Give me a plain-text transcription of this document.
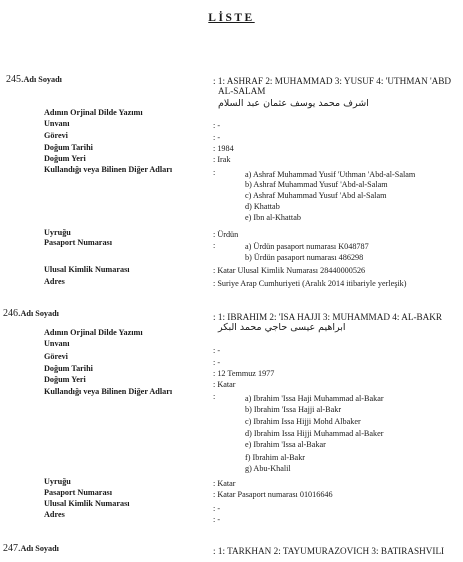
LİSTE
245.Adı Soyadı	: 1: ASHRAF 2: MUHAMMAD 3: YUSUF 4: 'UTHMAN 'ABD
AL-SALAM
Adının Orjinal Dilde Yazımı
اشرف محمد يوسف عثمان عبد السلام
Unvanı	: -
Görevi	: -
Doğum Tarihi	: 1984
Doğum Yeri	: Irak
Kullandığı veya Bilinen Diğer Adları	:	a) Ashraf Muhammad Yusif 'Uthman 'Abd-al-Salam
b) Ashraf Muhammad Yusuf 'Abd-al-Salam
c) Ashraf Muhammad Yusuf 'Abd al-Salam
d) Khattab
e) Ibn al-Khattab
Uyruğu	: Ürdün
Pasaport Numarası	:	a) Ürdün pasaport numarası K048787
b) Ürdün pasaport numarası 486298
Ulusal Kimlik Numarası	: Katar Ulusal Kimlik Numarası 28440000526
Adres	: Suriye Arap Cumhuriyeti (Aralık 2014 itibariyle yerleşik)
246.Adı Soyadı	: 1: IBRAHIM 2: 'ISA HAJJI 3: MUHAMMAD 4: AL-BAKR
Adının Orjinal Dilde Yazımı	ابراهيم عيسى حاجي محمد البكر
Unvanı
: -
Görevi
: -
Doğum Tarihi
: 12 Temmuz 1977
Doğum Yeri
: Katar
Kullandığı veya Bilinen Diğer Adları
:	a) Ibrahim 'Issa Haji Muhammad al-Bakar
b) Ibrahim 'Issa Hajji al-Bakr
c) Ibrahim Issa Hijji Mohd Albaker
d) Ibrahim Issa Hijji Muhammad al-Baker
e) Ibrahim 'Issa al-Bakar
f) Ibrahim al-Bakr
g) Abu-Khalil
Uyruğu	: Katar
Pasaport Numarası	: Katar Pasaport numarası 01016646
Ulusal Kimlik Numarası
: -
Adres
: -
247.Adı Soyadı	: 1: TARKHAN 2: TAYUMURAZOVICH 3: BATIRASHVILI
